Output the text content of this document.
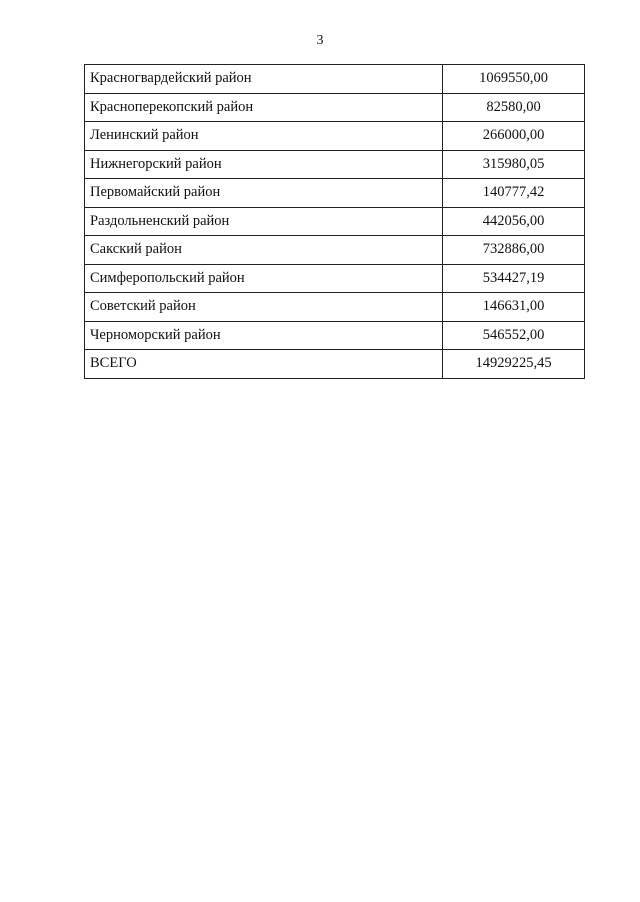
3
Красногвардейский район	1069550,00
Красноперекопский район	82580,00
Ленинский район	266000,00
Нижнегорский район	315980,05
Первомайский район	140777,42
Раздольненский район	442056,00
Сакский район	732886,00
Симферопольский район	534427,19
Советский район	146631,00
Черноморский район	546552,00
ВСЕГО	14929225,45
